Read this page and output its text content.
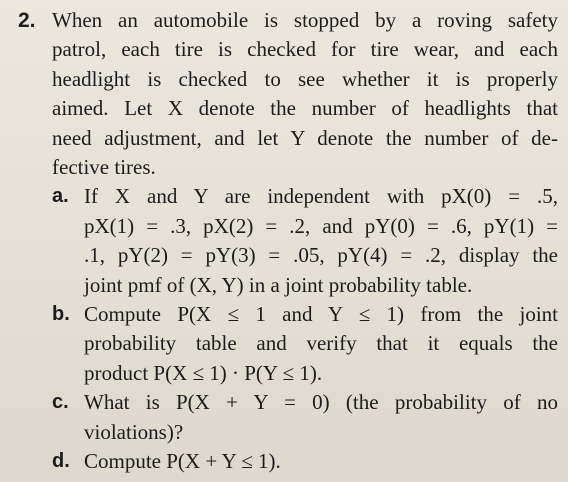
2. When an automobile is stopped by a roving safety
patrol, each tire is checked for tire wear, and each
headlight is checked to see whether it is properly
aimed. Let X denote the number of headlights that
need adjustment, and let Y denote the number of de-
fective tires.
a. If X and Y are independent with pX(0) = .5,
pX(1) = .3, pX(2) = .2, and pY(0) = .6, pY(1) =
.1, pY(2) = pY(3) = .05, pY(4) = .2, display the
joint pmf of (X, Y) in a joint probability table.
b. Compute P(X ≤ 1 and Y ≤ 1) from the joint
probability table and verify that it equals the
product P(X ≤ 1) · P(Y ≤ 1).
c. What is P(X + Y = 0) (the probability of no
violations)?
d. Compute P(X + Y ≤ 1).
